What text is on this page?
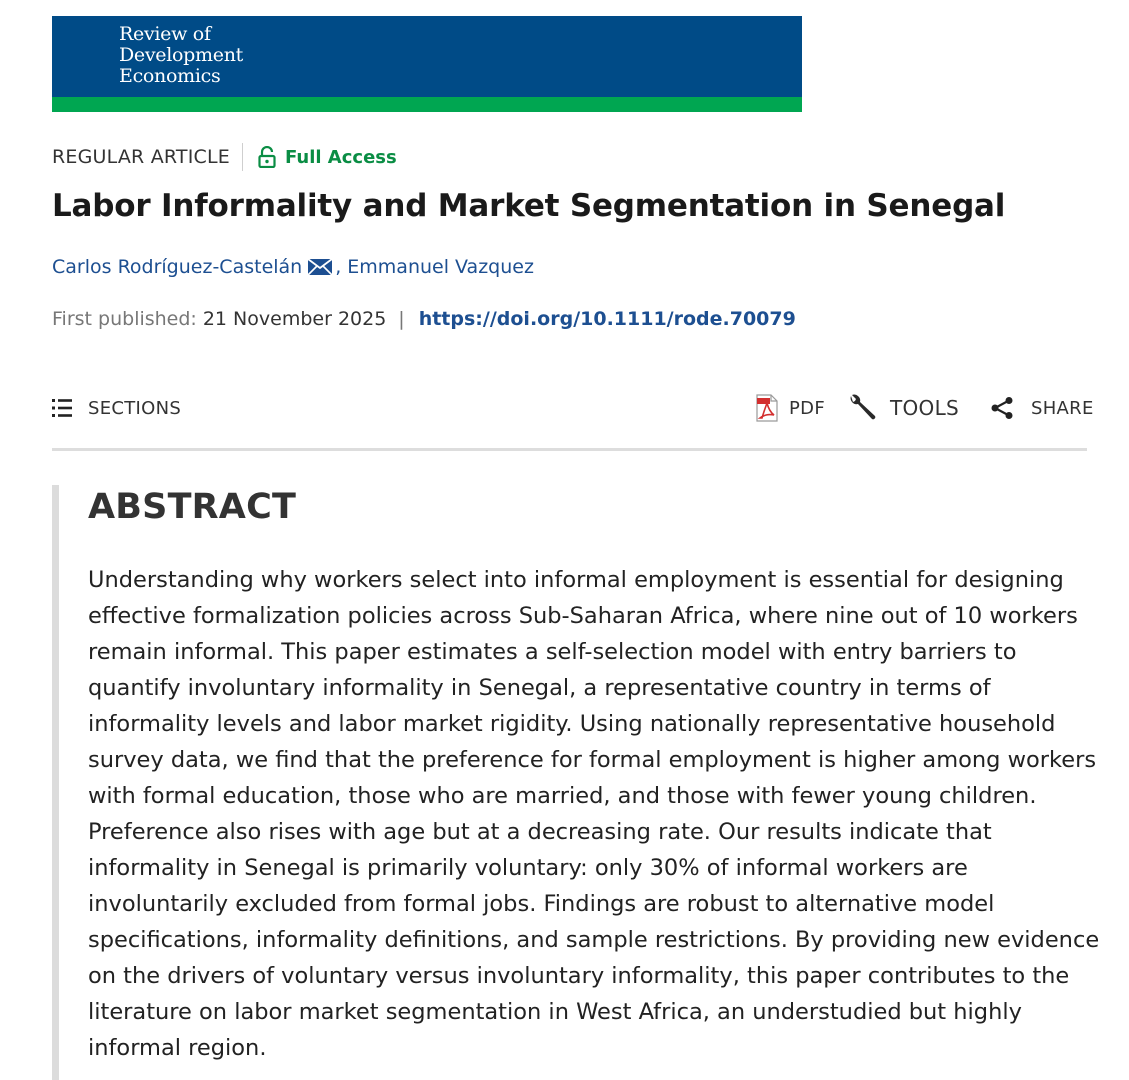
Review of
Development
Economics
REGULAR ARTICLE	Full Access
Labor Informality and Market Segmentation in Senegal
Carlos Rodríguez-Castelán , Emmanuel Vazquez
First published: 21 November 2025 | https://doi.org/10.1111/rode.70079
SECTIONS	PDF	TOOLS	SHARE
ABSTRACT
Understanding why workers select into informal employment is essential for designing
effective formalization policies across Sub-Saharan Africa, where nine out of 10 workers
remain informal. This paper estimates a self-selection model with entry barriers to
quantify involuntary informality in Senegal, a representative country in terms of
informality levels and labor market rigidity. Using nationally representative household
survey data, we find that the preference for formal employment is higher among workers
with formal education, those who are married, and those with fewer young children.
Preference also rises with age but at a decreasing rate. Our results indicate that
informality in Senegal is primarily voluntary: only 30% of informal workers are
involuntarily excluded from formal jobs. Findings are robust to alternative model
specifications, informality definitions, and sample restrictions. By providing new evidence
on the drivers of voluntary versus involuntary informality, this paper contributes to the
literature on labor market segmentation in West Africa, an understudied but highly
informal region.
